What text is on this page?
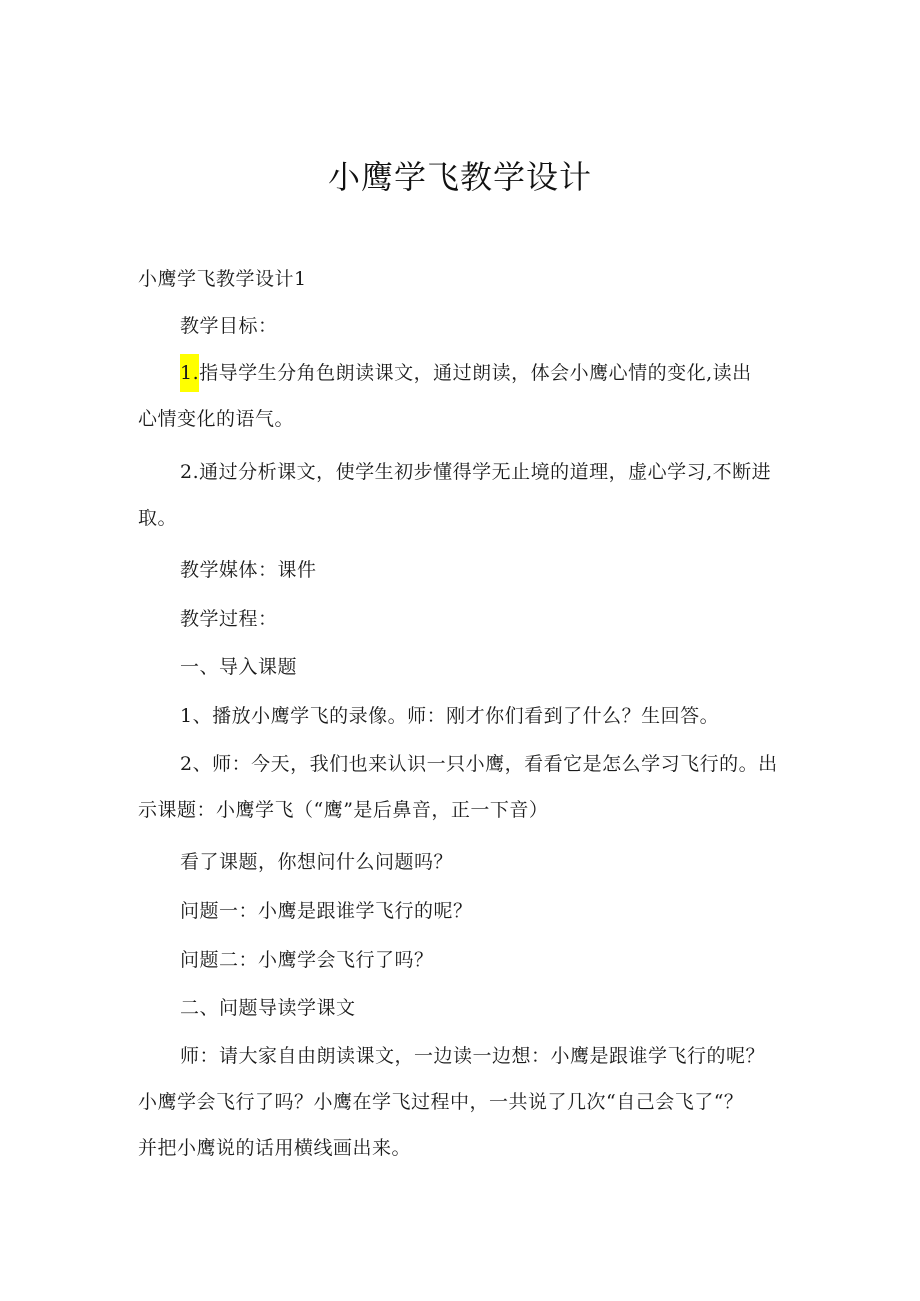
小鹰学飞教学设计

小鹰学飞教学设计1

教学目标：

1.指导学生分角色朗读课文，通过朗读，体会小鹰心情的变化,读出
心情变化的语气。
2.通过分析课文，使学生初步懂得学无止境的道理，虚心学习,不断进
取。

教学媒体：课件

教学过程：

一、导入课题

1、播放小鹰学飞的录像。师：刚才你们看到了什么？生回答。

2、师：今天，我们也来认识一只小鹰，看看它是怎么学习飞行的。出
示课题：小鹰学飞（“鹰”是后鼻音，正一下音）

看了课题，你想问什么问题吗？

问题一：小鹰是跟谁学飞行的呢？

问题二：小鹰学会飞行了吗？

二、问题导读学课文

师：请大家自由朗读课文，一边读一边想：小鹰是跟谁学飞行的呢？
小鹰学会飞行了吗？小鹰在学飞过程中，一共说了几次“自己会飞了“？
并把小鹰说的话用横线画出来。
